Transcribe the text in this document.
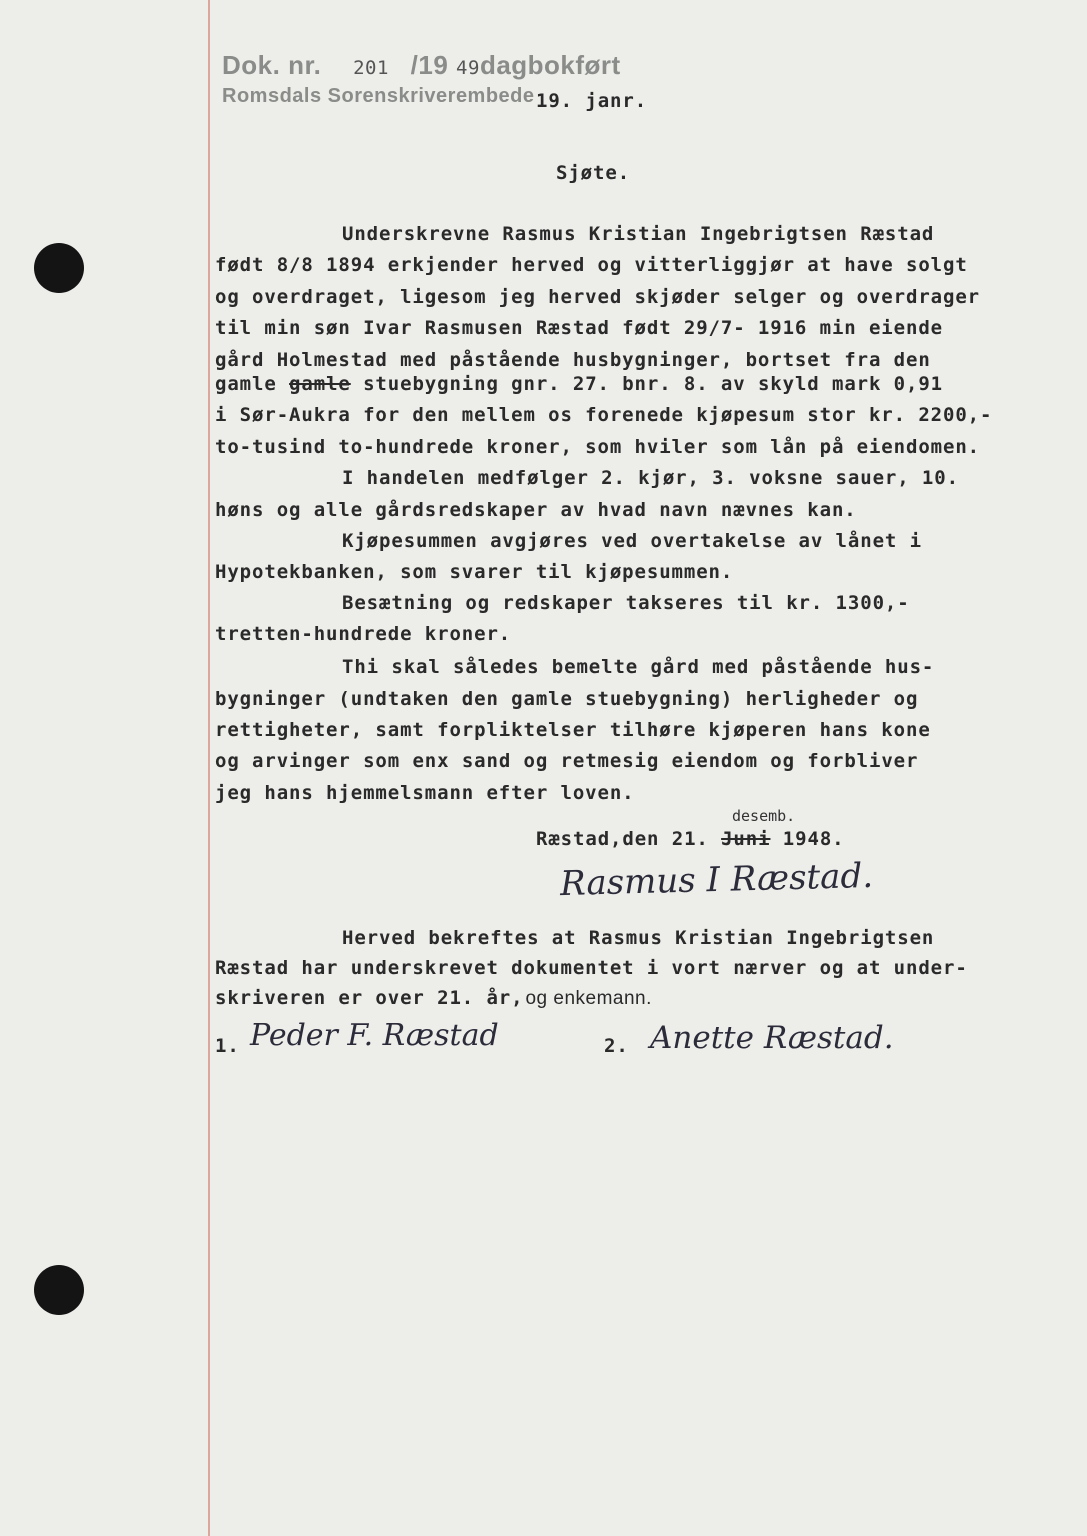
Dok. nr. 201 /19 49dagbokført
Romsdals Sorenskriverembede 19. janr.
Sjøte.
Underskrevne Rasmus Kristian Ingebrigtsen Ræstad
født 8/8 1894 erkjender herved og vitterliggjør at have solgt
og overdraget, ligesom jeg herved skjøder selger og overdrager
til min søn Ivar Rasmusen Ræstad født 29/7- 1916 min eiende
gård Holmestad med påstående husbygninger, bortset fra den
gamle gamle stuebygning gnr. 27. bnr. 8. av skyld mark 0,91
i Sør-Aukra for den mellem os forenede kjøpesum stor kr. 2200,-
to-tusind to-hundrede kroner, som hviler som lån på eiendomen.
I handelen medfølger 2. kjør, 3. voksne sauer, 10.
høns og alle gårdsredskaper av hvad navn nævnes kan.
Kjøpesummen avgjøres ved overtakelse av lånet i
Hypotekbanken, som svarer til kjøpesummen.
Besætning og redskaper takseres til kr. 1300,-
tretten-hundrede kroner.
Thi skal således bemelte gård med påstående hus-
bygninger (undtaken den gamle stuebygning) herligheder og
rettigheter, samt forpliktelser tilhøre kjøperen hans kone
og arvinger som enx sand og retmesig eiendom og forbliver
jeg hans hjemmelsmann efter loven.
desemb.
Ræstad,den 21. Juni 1948.
Rasmus I Ræstad.
Herved bekreftes at Rasmus Kristian Ingebrigtsen
Ræstad har underskrevet dokumentet i vort nærver og at under-
skriveren er over 21. år, og enkemann.
1. Peder F. Ræstad	2. Anette Ræstad.
